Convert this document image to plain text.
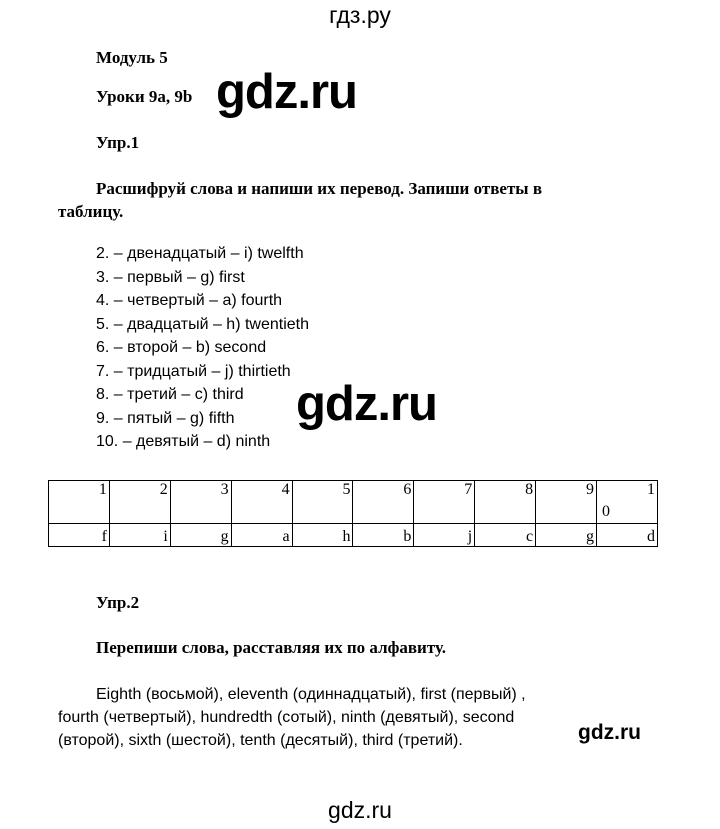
гдз.ру
Модуль 5
Уроки 9a, 9b gdz.ru
Упр.1
Расшифруй слова и напиши их перевод. Запиши ответы в
таблицу.
2. – двенадцатый – i) twelfth
3. – первый – g) first
4. – четвертый – a) fourth
5. – двадцатый – h) twentieth
6. – второй – b) second
7. – тридцатый – j) thirtieth
8. – третий – c) third
9. – пятый – g) fifth
10. – девятый – d) ninth
gdz.ru
1	2	3	4	5	6	7	8	9	1
0

f	i	g	a	h	b	j	c	g	d
Упр.2
Перепиши слова, расставляя их по алфавиту.
Eighth (восьмой), eleventh (одиннадцатый), first (первый) ,
fourth (четвертый), hundredth (сотый), ninth (девятый), second
(второй), sixth (шестой), tenth (десятый), third (третий).	gdz.ru
gdz.ru
